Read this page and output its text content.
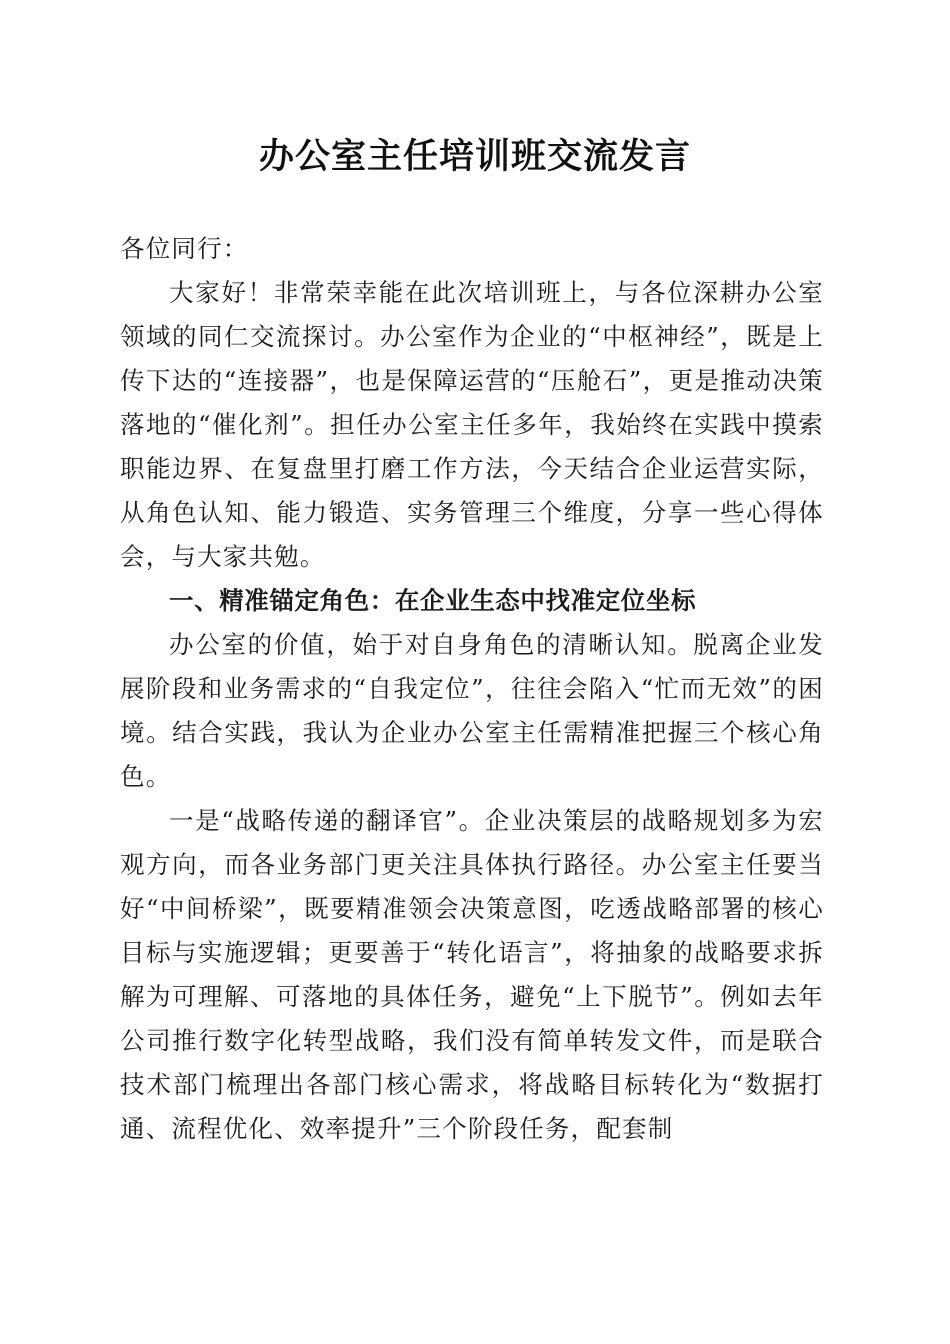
办公室主任培训班交流发言

各位同行：

大家好！非常荣幸能在此次培训班上，与各位深耕办公室领域的同仁交流探讨。办公室作为企业的“中枢神经”，既是上传下达的“连接器”，也是保障运营的“压舱石”，更是推动决策落地的“催化剂”。担任办公室主任多年，我始终在实践中摸索职能边界、在复盘里打磨工作方法，今天结合企业运营实际，从角色认知、能力锻造、实务管理三个维度，分享一些心得体会，与大家共勉。

一、精准锚定角色：在企业生态中找准定位坐标

办公室的价值，始于对自身角色的清晰认知。脱离企业发展阶段和业务需求的“自我定位”，往往会陷入“忙而无效”的困境。结合实践，我认为企业办公室主任需精准把握三个核心角色。

一是“战略传递的翻译官”。企业决策层的战略规划多为宏观方向，而各业务部门更关注具体执行路径。办公室主任要当好“中间桥梁”，既要精准领会决策意图，吃透战略部署的核心目标与实施逻辑；更要善于“转化语言”，将抽象的战略要求拆解为可理解、可落地的具体任务，避免“上下脱节”。例如去年公司推行数字化转型战略，我们没有简单转发文件，而是联合技术部门梳理出各部门核心需求，将战略目标转化为“数据打通、流程优化、效率提升”三个阶段任务，配套制
